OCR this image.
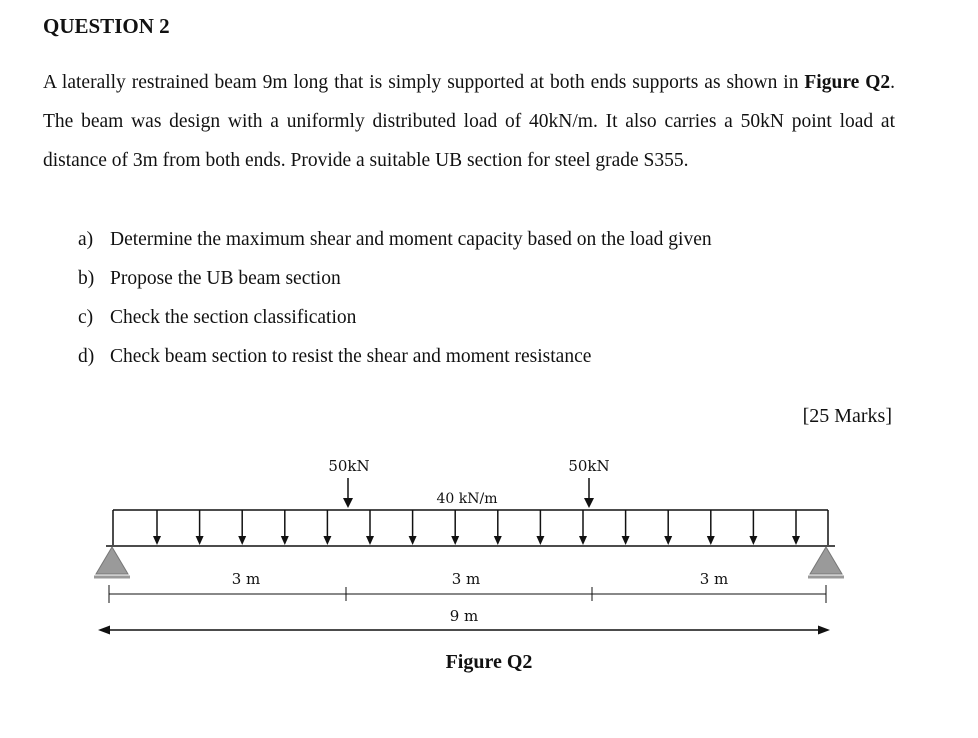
QUESTION 2

A laterally restrained beam 9m long that is simply supported at both ends supports as shown in Figure Q2. The beam was design with a uniformly distributed load of 40kN/m. It also carries a 50kN point load at distance of 3m from both ends. Provide a suitable UB section for steel grade S355.

a) Determine the maximum shear and moment capacity based on the load given
b) Propose the UB beam section
c) Check the section classification
d) Check beam section to resist the shear and moment resistance
[25 Marks]
50kN	50kN
40 kN/m
3 m	3 m	3 m
9 m
Figure Q2
